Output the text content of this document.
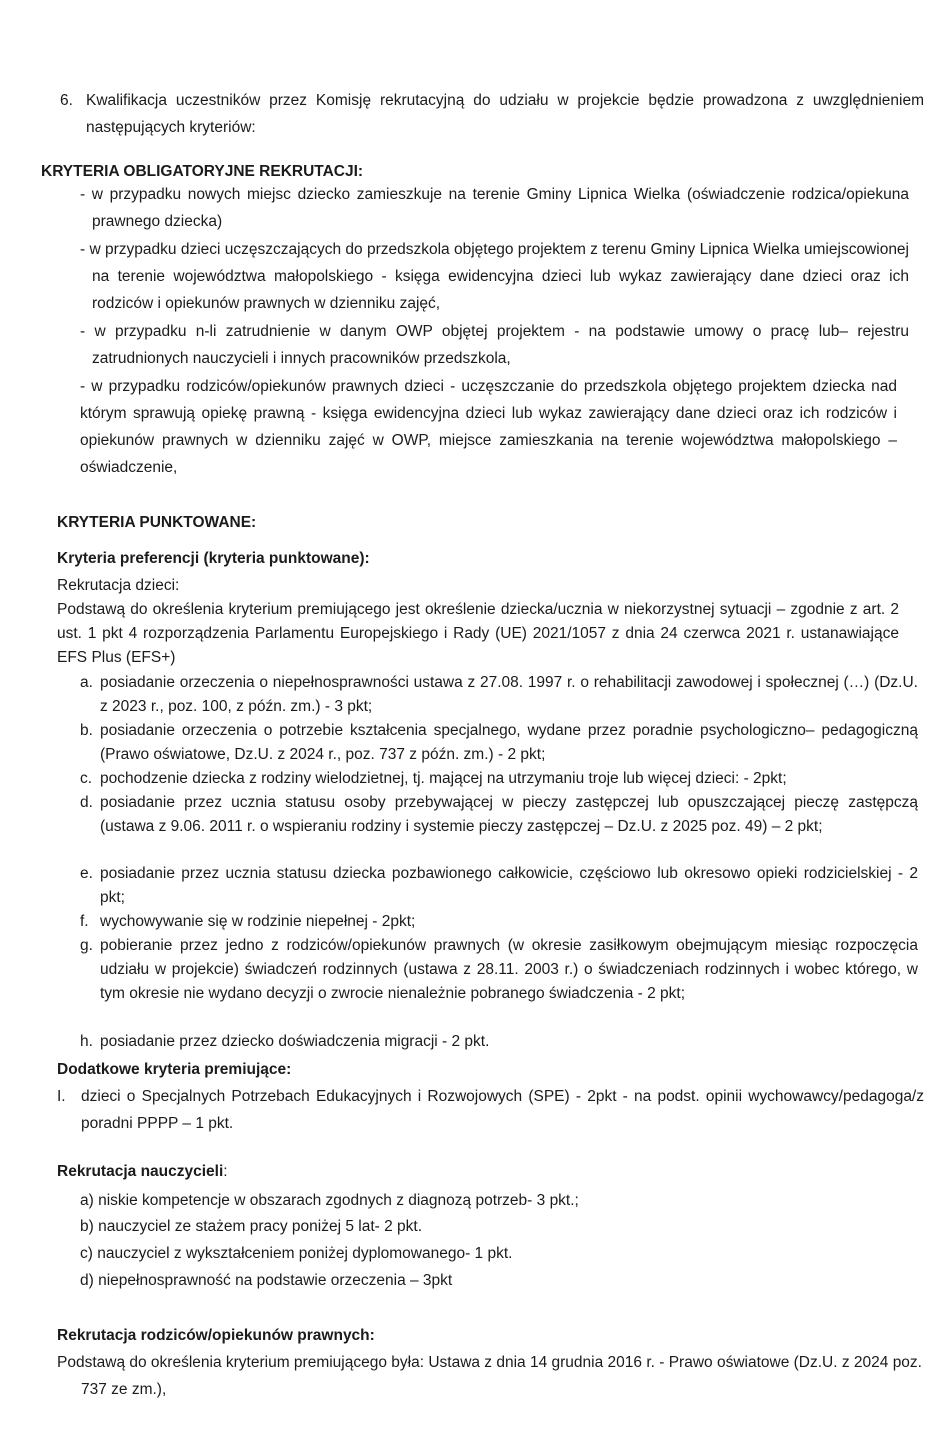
6. Kwalifikacja uczestników przez Komisję rekrutacyjną do udziału w projekcie będzie prowadzona z uwzględnieniem następujących kryteriów:
KRYTERIA OBLIGATORYJNE REKRUTACJI:
- w przypadku nowych miejsc dziecko zamieszkuje na terenie Gminy Lipnica Wielka (oświadczenie rodzica/opiekuna prawnego dziecka)
- w przypadku dzieci uczęszczających do przedszkola objętego projektem z terenu Gminy Lipnica Wielka umiejscowionej na terenie województwa małopolskiego - księga ewidencyjna dzieci lub wykaz zawierający dane dzieci oraz ich rodziców i opiekunów prawnych w dzienniku zajęć,
- w przypadku n-li zatrudnienie w danym OWP objętej projektem - na podstawie umowy o pracę lub– rejestru zatrudnionych nauczycieli i innych pracowników przedszkola,
- w przypadku rodziców/opiekunów prawnych dzieci - uczęszczanie do przedszkola objętego projektem dziecka nad którym sprawują opiekę prawną - księga ewidencyjna dzieci lub wykaz zawierający dane dzieci oraz ich rodziców i opiekunów prawnych w dzienniku zajęć w OWP, miejsce zamieszkania na terenie województwa małopolskiego – oświadczenie,
KRYTERIA PUNKTOWANE:
Kryteria preferencji (kryteria punktowane):
Rekrutacja dzieci:
Podstawą do określenia kryterium premiującego jest określenie dziecka/ucznia w niekorzystnej sytuacji – zgodnie z art. 2 ust. 1 pkt 4 rozporządzenia Parlamentu Europejskiego i Rady (UE) 2021/1057 z dnia 24 czerwca 2021 r. ustanawiające EFS Plus (EFS+)
a. posiadanie orzeczenia o niepełnosprawności ustawa z 27.08. 1997 r. o rehabilitacji zawodowej i społecznej (…) (Dz.U. z 2023 r., poz. 100, z późn. zm.) - 3 pkt;
b. posiadanie orzeczenia o potrzebie kształcenia specjalnego, wydane przez poradnie psychologiczno– pedagogiczną (Prawo oświatowe, Dz.U. z 2024 r., poz. 737 z późn. zm.) - 2 pkt;
c. pochodzenie dziecka z rodziny wielodzietnej, tj. mającej na utrzymaniu troje lub więcej dzieci: - 2pkt;
d. posiadanie przez ucznia statusu osoby przebywającej w pieczy zastępczej lub opuszczającej pieczę zastępczą (ustawa z 9.06. 2011 r. o wspieraniu rodziny i systemie pieczy zastępczej – Dz.U. z 2025 poz. 49) – 2 pkt;
e. posiadanie przez ucznia statusu dziecka pozbawionego całkowicie, częściowo lub okresowo opieki rodzicielskiej - 2 pkt;
f. wychowywanie się w rodzinie niepełnej - 2pkt;
g. pobieranie przez jedno z rodziców/opiekunów prawnych (w okresie zasiłkowym obejmującym miesiąc rozpoczęcia udziału w projekcie) świadczeń rodzinnych (ustawa z 28.11. 2003 r.) o świadczeniach rodzinnych i wobec którego, w tym okresie nie wydano decyzji o zwrocie nienależnie pobranego świadczenia - 2 pkt;
h. posiadanie przez dziecko doświadczenia migracji - 2 pkt.
Dodatkowe kryteria premiujące:
I. dzieci o Specjalnych Potrzebach Edukacyjnych i Rozwojowych (SPE) - 2pkt - na podst. opinii wychowawcy/pedagoga/z poradni PPPP – 1 pkt.
Rekrutacja nauczycieli:
a) niskie kompetencje w obszarach zgodnych z diagnozą potrzeb- 3 pkt.;
b) nauczyciel ze stażem pracy poniżej 5 lat- 2 pkt.
c) nauczyciel z wykształceniem poniżej dyplomowanego- 1 pkt.
d) niepełnosprawność na podstawie orzeczenia – 3pkt
Rekrutacja rodziców/opiekunów prawnych:
Podstawą do określenia kryterium premiującego była: Ustawa z dnia 14 grudnia 2016 r. - Prawo oświatowe (Dz.U. z 2024 poz. 737 ze zm.),
